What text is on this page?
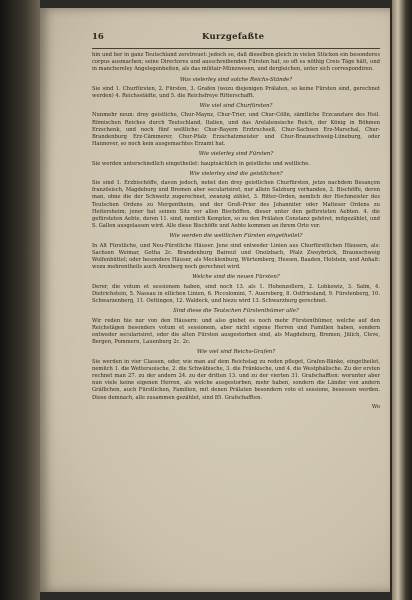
16	Kurzgefaßte

hin und her in ganz Teutschland zerstreuet: jedoch so, daß dieselben gleich in vielen Stücken ein besonderes corpus ausmachen; seine Directores und ausschreibenden Fürsten hat, so oft es nöthig Creis Täge hält, und in manchereley Angelegenheiten, als das militair-Münzwesen, und dergleichen, unter sich correspondiren.

Was vielerley sind solche Reichs-Stände?

Sie sind 1. Churfürsten, 2. Fürsten, 3. Grafen (wozu diejenigen Prälaten, so keine Fürsten sind, gerechnet werden) 4. Reichsstädte, und 5. die Reichsfreye Ritterschafft.

Wie viel sind Churfürsten?

Nunmehr neun: drey geistliche, Chur-Maynz, Chur-Trier, und Chur-Cölln, sämtliche Erzcanzlare des Heil. Römischen Reiches durch Teutschland, Italien, und das Arelatensische Reich, der König in Böhmen Erzschenk, und noch fünf weltliche: Chur-Bayern Erztruchseß, Chur-Sachsen Erz-Marschal, Chur-Brandenburg Erz-Cämmerer, Chur-Pfalz Erzschatzmeister und Chur-Braunschweig-Lüneburg, oder Hannover, so noch kein ausgemachtes Erzamt hat.

Wie vielerley sind Fürsten?

Sie werden unterschiedlich eingetheilet: hauptsächlich in geistliche und weltliche.

Wie vielerley sind die geistlichen?

Sie sind 1. Erzbischöffe, davon jedoch, nebst den drey geistlichen Churfürsten, jetzo nachdem Besançon französisch, Magdeburg und Bremen aber secularisiret, nur allein Salzburg vorhanden, 2. Bischöffe, deren man, ohne die der Schweitz zugerechnet, zwanzig zählet, 3. Ritter-Orden, nemlich der Hochmeister des Teutschen Ordens zu Mergentheim, und der Groß-Prior des Johanniter oder Malteser Ordens zu Heitersheim; jener hat seinen Sitz vor allen Bischöffen, dieser unter den gefürsteten Aebten. 4. die gefürsteten Aebte, deren 11. sind, nemlich Kempten, so zu den Prälaten Constanz gehöret, mitgezählet, und S. Gallen ausgelassen wird. Alle diese Bischöffe und Aebte kommen an ihrem Orte vor.

Wie werden die weltlichen Fürsten eingetheilet?

In Alt Fürstliche, und Neu-Fürstliche Häuser. Jene sind entweder Linien aus Churfürstlichen Häusern, als: Sachsen Weimar, Gotha 2c. Brandenburg Baireut und Onolzbach, Pfalz Zweybrück, Braunschweig Wolfenbüttel; oder besondere Häuser, als Mecklenburg, Würtemberg, Hessen, Baaden, Holstein, und Anhalt: wozu mehrentheils auch Arenberg noch gerechnet wird.

Welche sind die neuen Fürsten?

Derer, die votum et sessionem haben, sind noch 13. als 1. Hohenzollern, 2. Lobkowiz, 3. Salm, 4. Dietrichstein, 5. Nassau in etlichen Linien, 6. Piccolomini, 7. Auersberg, 8. Ostfriesland, 9. Fürstenberg, 10. Schwarzenberg, 11. Oettingen, 12. Waldeck, und hiezu wird 13. Schwarzburg gerechnet.

Sind diese die Teutschen Fürstenthümer alle?

Wir reden hie nur von den Häusern: und also giebet es noch mehr Fürstenthümer, welche auf den Reichstägen besonders votum et sessionem, aber nicht eigene Herren und Familien haben, sondern entweder secularisiret, oder die alten Fürsten ausgestorben sind, als Magdeburg, Bremen, Jülich, Cleve, Bergen, Pommern, Lauenburg 2c. 2c.

Wie viel sind Reichs-Grafen?

Sie werden in vier Classen, oder, wie man auf dem Reichstag zu reden pfleget, Grafen-Bänke, eingetheilet, nemlich 1. die Wetterauische, 2. die Schwäbische, 3. die Fränkische, und 4. die Westphälische. Zu der ersten rechnet man 27. zu der andern 24. zu der dritten 13. und zu der vierten 31. Grafschafften: worunter aber nun viele keine eigenen Herren, als welche ausgestorben, mehr haben, sondern die Länder von andern Gräflichen, auch Fürstlichen, Familien, mit denen Prälaten besondern voto et sessione, besessen werden. Diese demnach, alle zusammen gezählet, sind 85. Grafschafften.

Wo
